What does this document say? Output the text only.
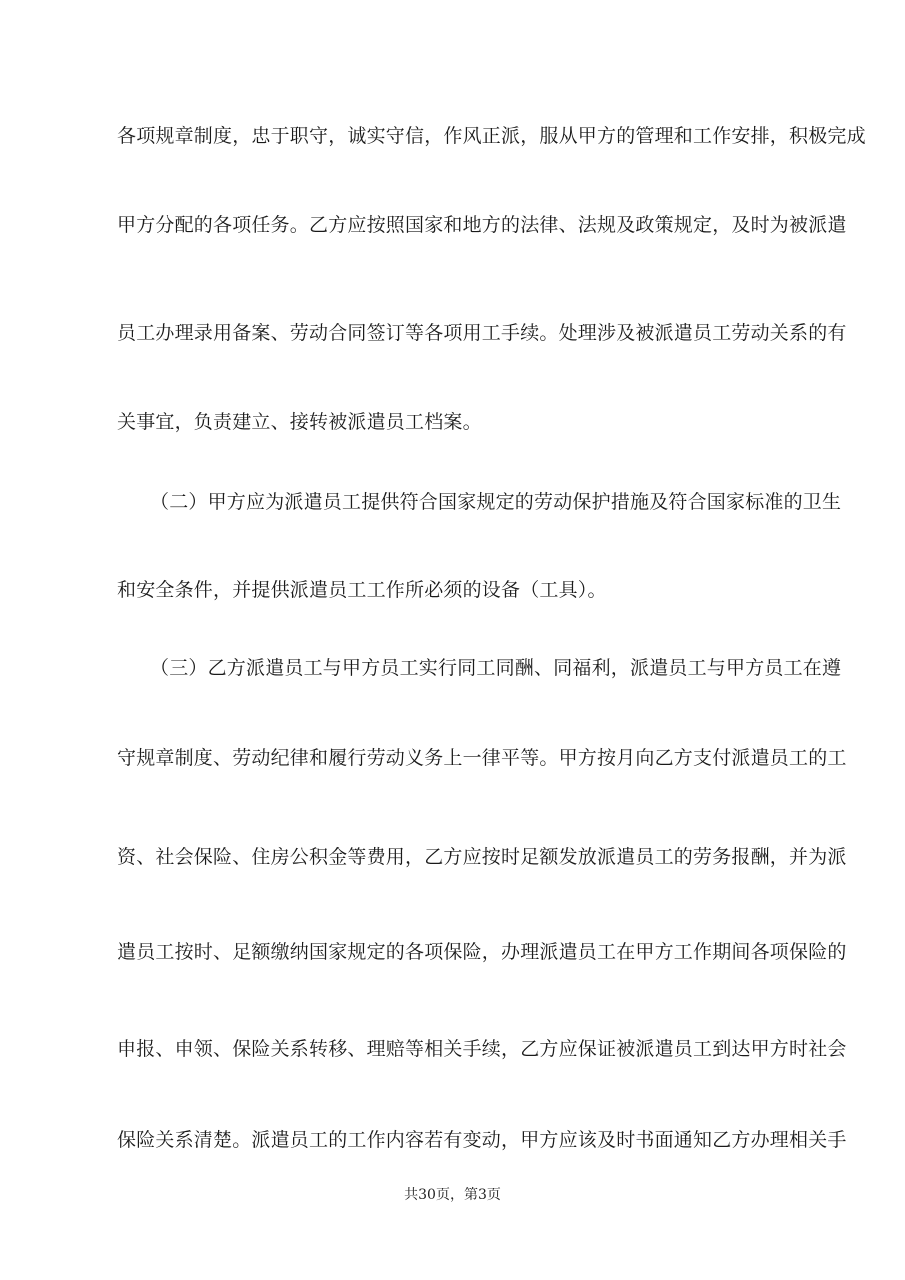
各项规章制度，忠于职守，诚实守信，作风正派，服从甲方的管理和工作安排，积极完成
甲方分配的各项任务。乙方应按照国家和地方的法律、法规及政策规定，及时为被派遣
员工办理录用备案、劳动合同签订等各项用工手续。处理涉及被派遣员工劳动关系的有
关事宜，负责建立、接转被派遣员工档案。
（二）甲方应为派遣员工提供符合国家规定的劳动保护措施及符合国家标准的卫生
和安全条件，并提供派遣员工工作所必须的设备（工具）。
（三）乙方派遣员工与甲方员工实行同工同酬、同福利，派遣员工与甲方员工在遵
守规章制度、劳动纪律和履行劳动义务上一律平等。甲方按月向乙方支付派遣员工的工
资、社会保险、住房公积金等费用，乙方应按时足额发放派遣员工的劳务报酬，并为派
遣员工按时、足额缴纳国家规定的各项保险，办理派遣员工在甲方工作期间各项保险的
申报、申领、保险关系转移、理赔等相关手续，乙方应保证被派遣员工到达甲方时社会
保险关系清楚。派遣员工的工作内容若有变动，甲方应该及时书面通知乙方办理相关手
共30页，第3页
